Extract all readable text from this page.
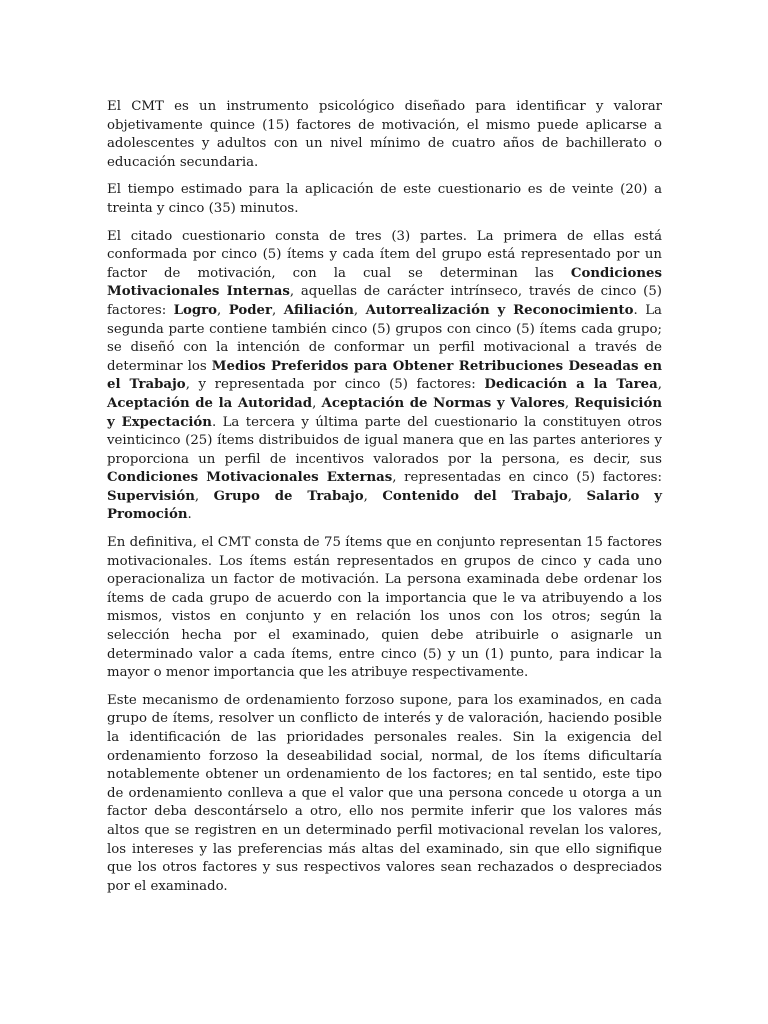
El CMT es un instrumento psicológico diseñado para identificar y valorar objetivamente quince (15) factores de motivación, el mismo puede aplicarse a adolescentes y adultos con un nivel mínimo de cuatro años de bachillerato o educación secundaria.

El tiempo estimado para la aplicación de este cuestionario es de veinte (20) a treinta y cinco (35) minutos.

El citado cuestionario consta de tres (3) partes. La primera de ellas está conformada por cinco (5) ítems y cada ítem del grupo está representado por un factor de motivación, con la cual se determinan las Condiciones Motivacionales Internas, aquellas de carácter intrínseco, través de cinco (5) factores: Logro, Poder, Afiliación, Autorrealización y Reconocimiento. La segunda parte contiene también cinco (5) grupos con cinco (5) ítems cada grupo; se diseñó con la intención de conformar un perfil motivacional a través de determinar los Medios Preferidos para Obtener Retribuciones Deseadas en el Trabajo, y representada por cinco (5) factores: Dedicación a la Tarea, Aceptación de la Autoridad, Aceptación de Normas y Valores, Requisición y Expectación. La tercera y última parte del cuestionario la constituyen otros veinticinco (25) ítems distribuidos de igual manera que en las partes anteriores y proporciona un perfil de incentivos valorados por la persona, es decir, sus Condiciones Motivacionales Externas, representadas en cinco (5) factores: Supervisión, Grupo de Trabajo, Contenido del Trabajo, Salario y Promoción.

En definitiva, el CMT consta de 75 ítems que en conjunto representan 15 factores motivacionales. Los ítems están representados en grupos de cinco y cada uno operacionaliza un factor de motivación. La persona examinada debe ordenar los ítems de cada grupo de acuerdo con la importancia que le va atribuyendo a los mismos, vistos en conjunto y en relación los unos con los otros; según la selección hecha por el examinado, quien debe atribuirle o asignarle un determinado valor a cada ítems, entre cinco (5) y un (1) punto, para indicar la mayor o menor importancia que les atribuye respectivamente.

Este mecanismo de ordenamiento forzoso supone, para los examinados, en cada grupo de ítems, resolver un conflicto de interés y de valoración, haciendo posible la identificación de las prioridades personales reales. Sin la exigencia del ordenamiento forzoso la deseabilidad social, normal, de los ítems dificultaría notablemente obtener un ordenamiento de los factores; en tal sentido, este tipo de ordenamiento conlleva a que el valor que una persona concede u otorga a un factor deba descontárselo a otro, ello nos permite inferir que los valores más altos que se registren en un determinado perfil motivacional revelan los valores, los intereses y las preferencias más altas del examinado, sin que ello signifique que los otros factores y sus respectivos valores sean rechazados o despreciados por el examinado.
